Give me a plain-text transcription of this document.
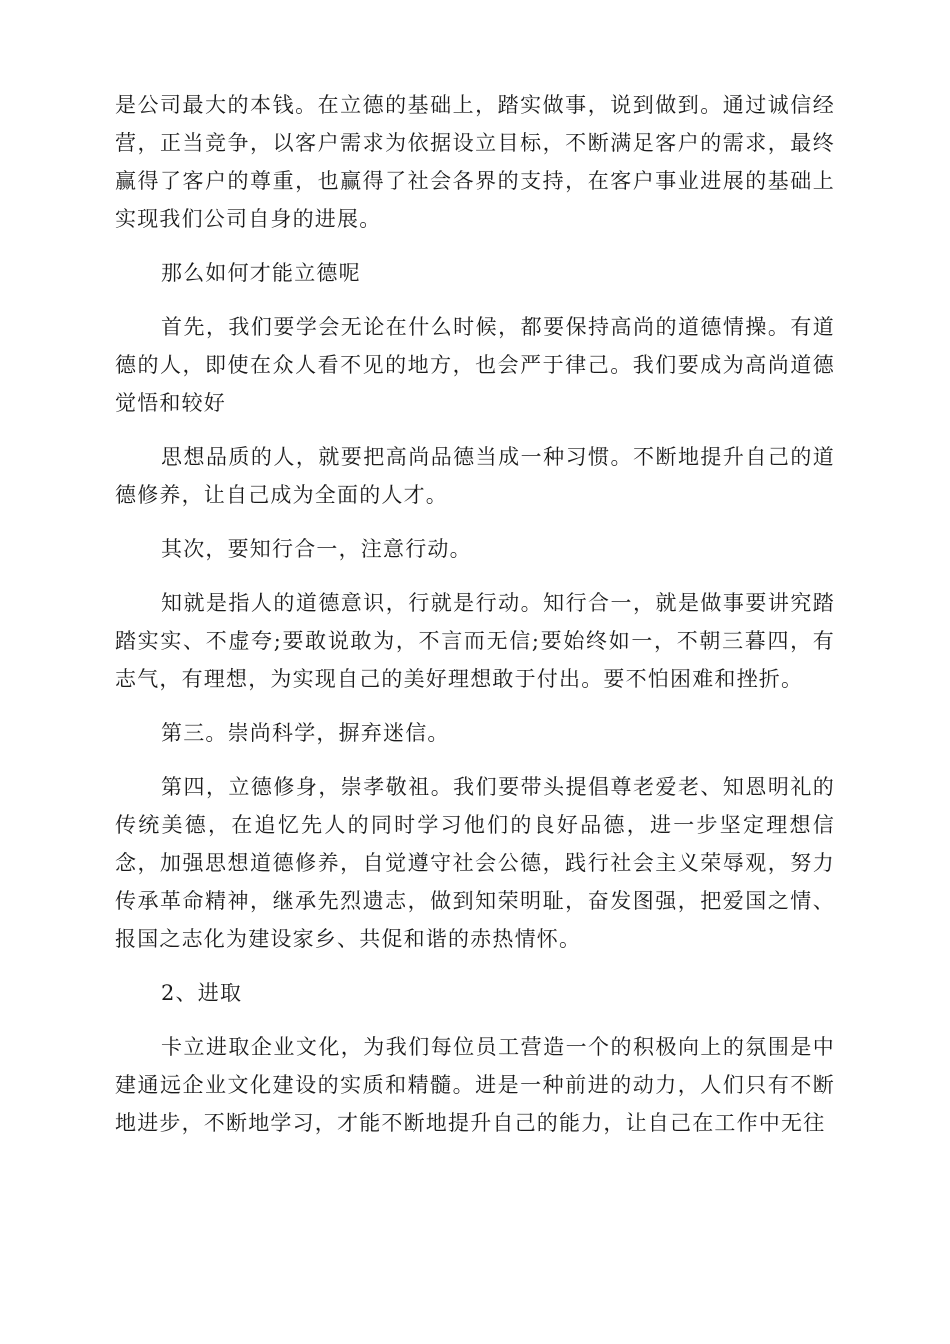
是公司最大的本钱。在立德的基础上，踏实做事，说到做到。通过诚信经营，正当竞争，以客户需求为依据设立目标，不断满足客户的需求，最终赢得了客户的尊重，也赢得了社会各界的支持，在客户事业进展的基础上实现我们公司自身的进展。

那么如何才能立德呢

首先，我们要学会无论在什么时候，都要保持高尚的道德情操。有道德的人，即使在众人看不见的地方，也会严于律己。我们要成为高尚道德觉悟和较好

思想品质的人，就要把高尚品德当成一种习惯。不断地提升自己的道德修养，让自己成为全面的人才。

其次，要知行合一，注意行动。

知就是指人的道德意识，行就是行动。知行合一，就是做事要讲究踏踏实实、不虚夸;要敢说敢为，不言而无信;要始终如一，不朝三暮四，有志气，有理想，为实现自己的美好理想敢于付出。要不怕困难和挫折。

第三。崇尚科学，摒弃迷信。

第四，立德修身，崇孝敬祖。我们要带头提倡尊老爱老、知恩明礼的传统美德，在追忆先人的同时学习他们的良好品德，进一步坚定理想信念，加强思想道德修养，自觉遵守社会公德，践行社会主义荣辱观，努力传承革命精神，继承先烈遗志，做到知荣明耻，奋发图强，把爱国之情、报国之志化为建设家乡、共促和谐的赤热情怀。

2、进取

卡立进取企业文化，为我们每位员工营造一个的积极向上的氛围是中建通远企业文化建设的实质和精髓。进是一种前进的动力，人们只有不断地进步，不断地学习，才能不断地提升自己的能力，让自己在工作中无往
